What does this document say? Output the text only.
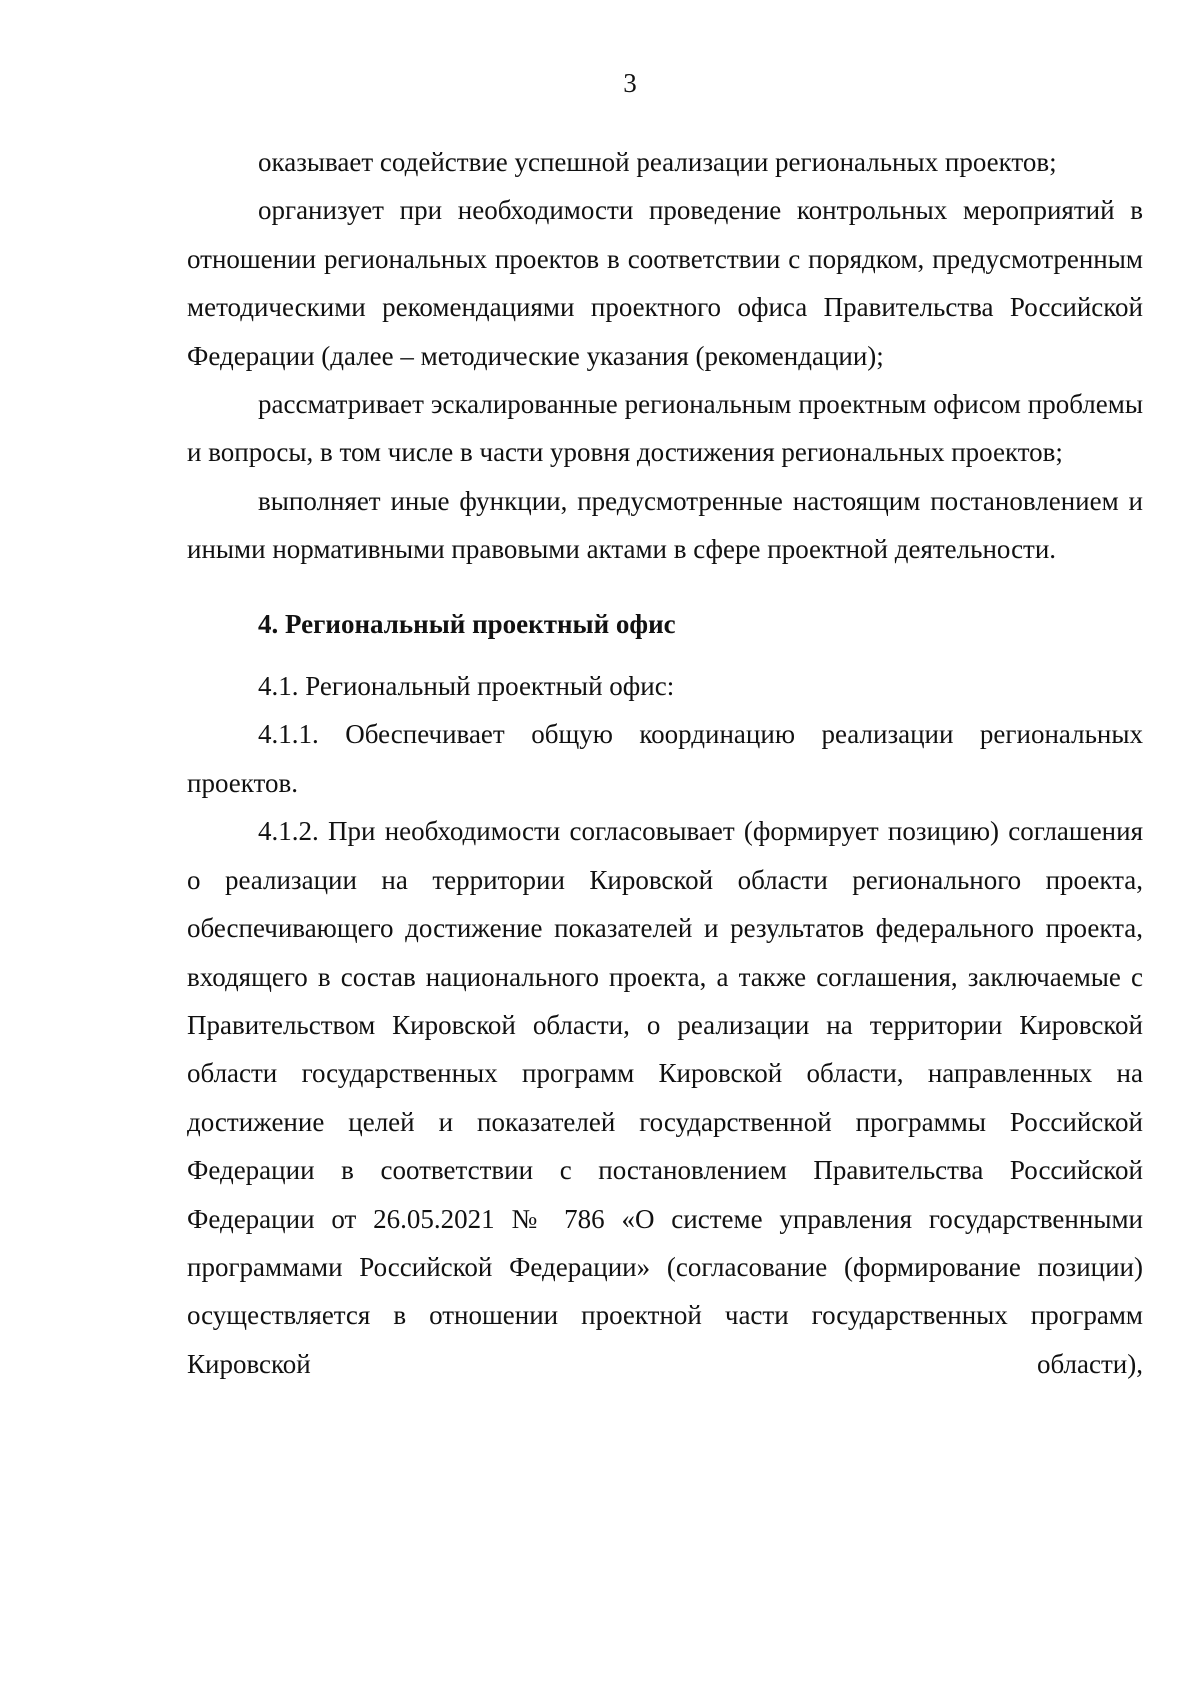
3

оказывает содействие успешной реализации региональных проектов;

организует при необходимости проведение контрольных мероприятий в отношении региональных проектов в соответствии с порядком, предусмотренным методическими рекомендациями проектного офиса Правительства Российской Федерации (далее – методические указания (рекомендации);

рассматривает эскалированные региональным проектным офисом проблемы и вопросы, в том числе в части уровня достижения региональных проектов;

выполняет иные функции, предусмотренные настоящим постановлением и иными нормативными правовыми актами в сфере проектной деятельности.

4. Региональный проектный офис

4.1. Региональный проектный офис:

4.1.1. Обеспечивает общую координацию реализации региональных проектов.

4.1.2. При необходимости согласовывает (формирует позицию) соглашения о реализации на территории Кировской области регионального проекта, обеспечивающего достижение показателей и результатов федерального проекта, входящего в состав национального проекта, а также соглашения, заключаемые с Правительством Кировской области, о реализации на территории Кировской области государственных программ Кировской области, направленных на достижение целей и показателей государственной программы Российской Федерации в соответствии с постановлением Правительства Российской Федерации от 26.05.2021 № 786 «О системе управления государственными программами Российской Федерации» (согласование (формирование позиции) осуществляется в отношении проектной части государственных программ Кировской области),
